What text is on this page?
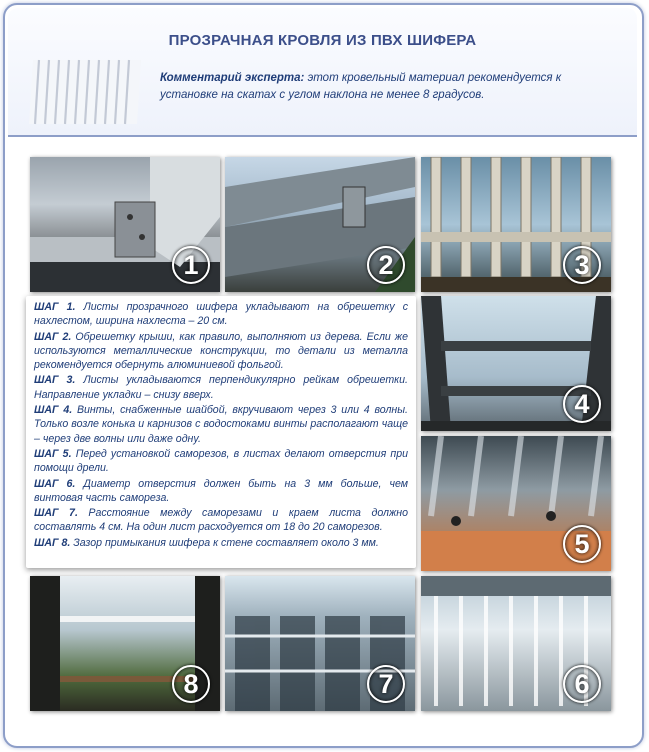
ПРОЗРАЧНАЯ КРОВЛЯ ИЗ ПВХ ШИФЕРА
Комментарий эксперта: этот кровельный материал рекомендуется к установке на скатах с углом наклона не менее 8 градусов.
1	2	3

ШАГ 1. Листы прозрачного шифера укладывают на обрешетку с нахлестом, ширина нахлеста – 20 см.

ШАГ 2. Обрешетку крыши, как правило, выполняют из дерева. Если же используются металлические конструкции, то детали из металла рекомендуется обернуть алюминиевой фольгой.

ШАГ 3. Листы укладываются перпендикулярно рейкам обрешетки. Направление укладки – снизу вверх.

ШАГ 4. Винты, снабженные шайбой, вкручивают через 3 или 4 волны. Только возле конька и карнизов с водостоками винты располагают чаще – через две волны или даже одну.

ШАГ 5. Перед установкой саморезов, в листах делают отверстия при помощи дрели.

ШАГ 6. Диаметр отверстия должен быть на 3 мм больше, чем винтовая часть самореза.

ШАГ 7. Расстояние между саморезами и краем листа должно составлять 4 см. На один лист расходуется от 18 до 20 саморезов.

ШАГ 8. Зазор примыкания шифера к стене составляет около 3 мм.

4
5
8	7	6
